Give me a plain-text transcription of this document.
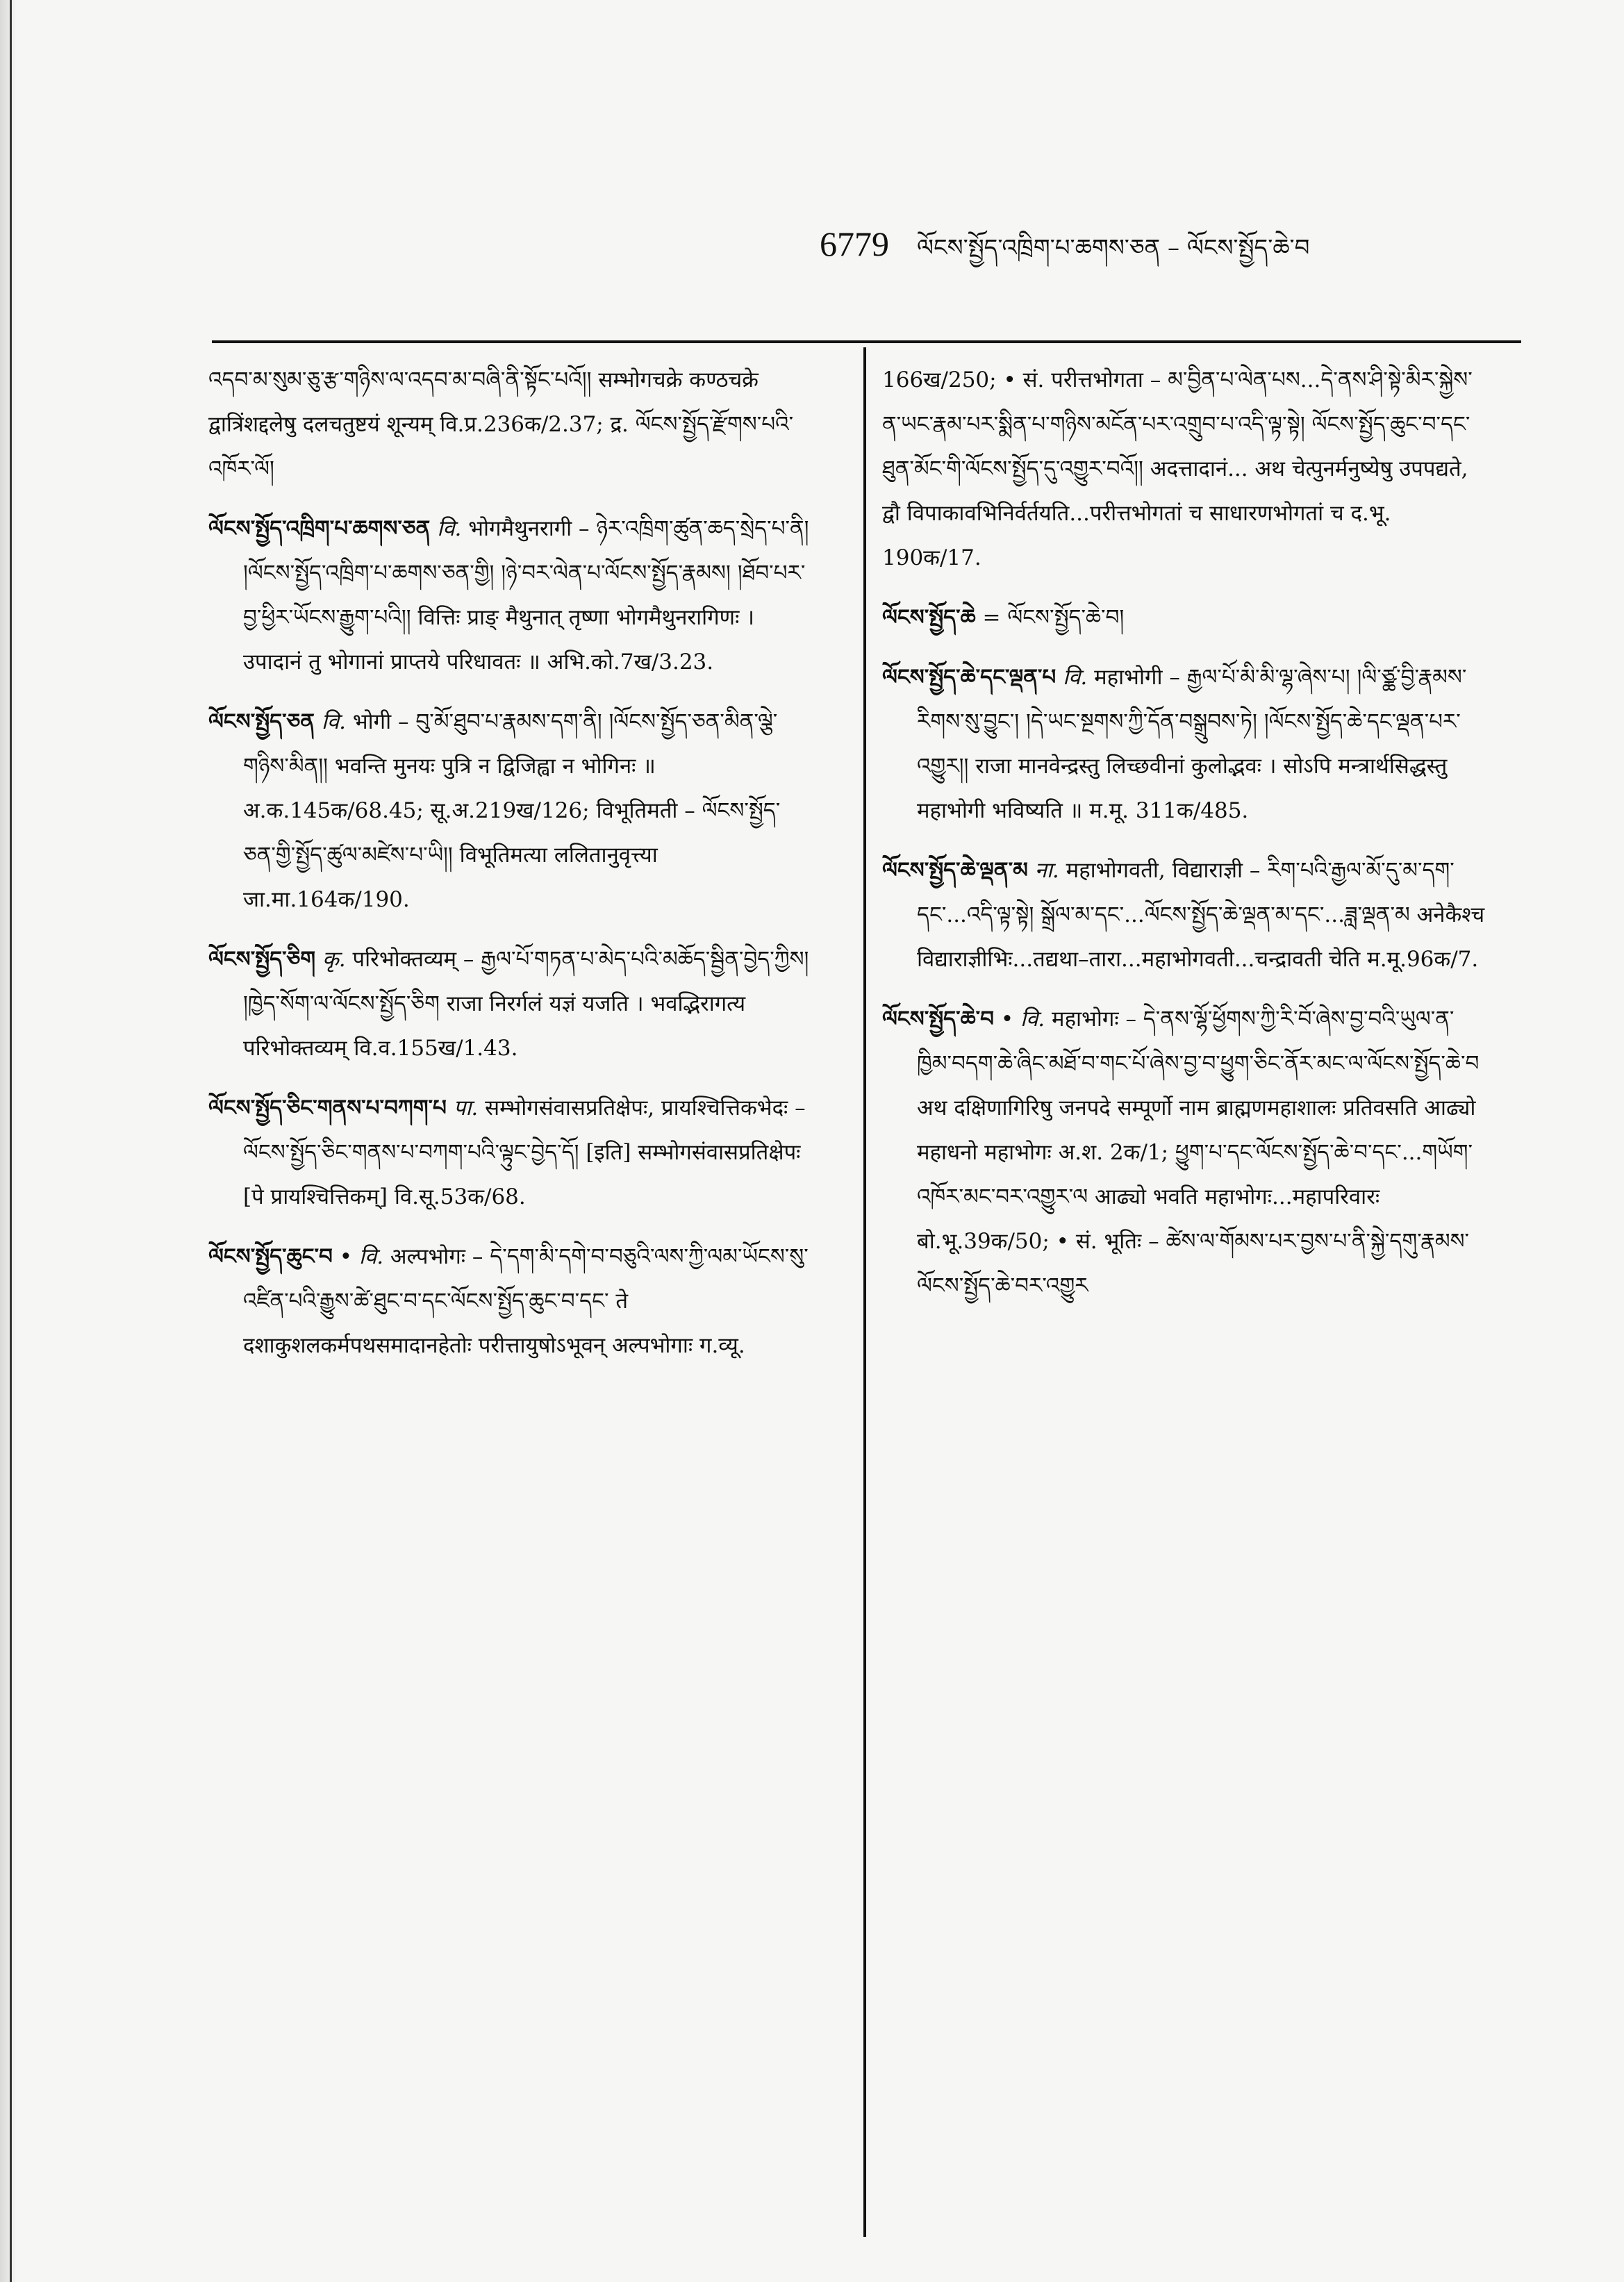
6779 ལོངས་སྤྱོད་འཁྲིག་པ་ཆགས་ཅན – ལོངས་སྤྱོད་ཆེ་བ

འདབ་མ་སུམ་ཅུ་རྩ་གཉིས་ལ་འདབ་མ་བཞི་ནི་སྟོང་པའོ།། सम्भोगचक्रे कण्ठचक्रे द्वात्रिंशद्दलेषु दलचतुष्टयं शून्यम् वि.प्र.236क/2.37; द्र. ལོངས་སྤྱོད་རྫོགས་པའི་འཁོར་ལོ།

ལོངས་སྤྱོད་འཁྲིག་པ་ཆགས་ཅན वि. भोगमैथुनरागी – ཉེར་འཁྲིག་ཚུན་ཆད་སྲེད་པ་ནི། །ལོངས་སྤྱོད་འཁྲིག་པ་ཆགས་ཅན་གྱི། །ཉེ་བར་ལེན་པ་ལོངས་སྤྱོད་རྣམས། །ཐོབ་པར་བྱ་ཕྱིར་ཡོངས་རྒྱུག་པའི།། वित्तिः प्राङ् मैथुनात् तृष्णा भोगमैथुनरागिणः । उपादानं तु भोगानां प्राप्तये परिधावतः ॥ अभि.को.7ख/3.23.

ལོངས་སྤྱོད་ཅན वि. भोगी – བུ་མོ་ཐུབ་པ་རྣམས་དག་ནི། །ལོངས་སྤྱོད་ཅན་མིན་ལྕེ་གཉིས་མིན།། भवन्ति मुनयः पुत्रि न द्विजिह्वा न भोगिनः ॥ अ.क.145क/68.45; सू.अ.219ख/126; विभूतिमती – ལོངས་སྤྱོད་ཅན་གྱི་སྤྱོད་ཚུལ་མཛེས་པ་ཡི།། विभूतिमत्या ललितानुवृत्त्या जा.मा.164क/190.

ལོངས་སྤྱོད་ཅིག कृ. परिभोक्तव्यम् – རྒྱལ་པོ་གཏན་པ་མེད་པའི་མཆོད་སྦྱིན་བྱེད་ཀྱིས། །ཁྱེད་སོག་ལ་ལོངས་སྤྱོད་ཅིག राजा निरर्गलं यज्ञं यजति । भवद्भिरागत्य परिभोक्तव्यम् वि.व.155ख/1.43.

ལོངས་སྤྱོད་ཅིང་གནས་པ་བཀག་པ पा. सम्भोगसंवासप्रतिक्षेपः, प्रायश्चित्तिकभेदः – ལོངས་སྤྱོད་ཅིང་གནས་པ་བཀག་པའི་ལྟུང་བྱེད་དོ། [इति] सम्भोगसंवासप्रतिक्षेपः [पे प्रायश्चित्तिकम्] वि.सू.53क/68.

ལོངས་སྤྱོད་ཆུང་བ • वि. अल्पभोगः – དེ་དག་མི་དགེ་བ་བཅུའི་ལས་ཀྱི་ལམ་ཡོངས་སུ་འཛིན་པའི་རྒྱུས་ཚེ་ཐུང་བ་དང་ལོངས་སྤྱོད་ཆུང་བ་དང་ ते दशाकुशलकर्मपथसमादानहेतोः परीत्तायुषोऽभूवन् अल्पभोगाः ग.व्यू.

166ख/250; • सं. परीत्तभोगता – མ་བྱིན་པ་ལེན་པས...དེ་ནས་ཤི་སྟེ་མིར་སྐྱེས་ན་ཡང་རྣམ་པར་སྨིན་པ་གཉིས་མངོན་པར་འགྲུབ་པ་འདི་ལྟ་སྟེ། ལོངས་སྤྱོད་ཆུང་བ་དང་ཐུན་མོང་གི་ལོངས་སྤྱོད་དུ་འགྱུར་བའོ།། अदत्तादानं... अथ चेत्पुनर्मनुष्येषु उपपद्यते, द्वौ विपाकावभिनिर्वर्तयति...परीत्तभोगतां च साधारणभोगतां च द.भू. 190क/17.

ལོངས་སྤྱོད་ཆེ = ལོངས་སྤྱོད་ཆེ་བ།

ལོངས་སྤྱོད་ཆེ་དང་ལྡན་པ वि. महाभोगी – རྒྱལ་པོ་མི་མི་ལྷ་ཞེས་པ། །ལི་ཙྪ་བྱི་རྣམས་རིགས་སུ་བྱུང་། །དེ་ཡང་སྔགས་ཀྱི་དོན་བསྒྲུབས་ཏེ། །ལོངས་སྤྱོད་ཆེ་དང་ལྡན་པར་འགྱུར།། राजा मानवेन्द्रस्तु लिच्छवीनां कुलोद्भवः । सोऽपि मन्त्रार्थसिद्धस्तु महाभोगी भविष्यति ॥ म.मू. 311क/485.

ལོངས་སྤྱོད་ཆེ་ལྡན་མ ना. महाभोगवती, विद्याराज्ञी – རིག་པའི་རྒྱལ་མོ་དུ་མ་དག་དང་...འདི་ལྟ་སྟེ། སྒྲོལ་མ་དང་...ལོངས་སྤྱོད་ཆེ་ལྡན་མ་དང་...ཟླ་ལྡན་མ अनेकैश्च विद्याराज्ञीभिः...तद्यथा–तारा...महाभोगवती...चन्द्रावती चेति म.मू.96क/7.

ལོངས་སྤྱོད་ཆེ་བ • वि. महाभोगः – དེ་ནས་ལྷོ་ཕྱོགས་ཀྱི་རི་བོ་ཞེས་བྱ་བའི་ཡུལ་ན་ཁྱིམ་བདག་ཆེ་ཞིང་མཐོ་བ་གང་པོ་ཞེས་བྱ་བ་ཕྱུག་ཅིང་ནོར་མང་ལ་ལོངས་སྤྱོད་ཆེ་བ अथ दक्षिणागिरिषु जनपदे सम्पूर्णो नाम ब्राह्मणमहाशालः प्रतिवसति आढ्यो महाधनो महाभोगः अ.श. 2क/1; ཕྱུག་པ་དང་ལོངས་སྤྱོད་ཆེ་བ་དང་...གཡོག་འཁོར་མང་བར་འགྱུར་ལ आढ्यो भवति महाभोगः...महापरिवारः बो.भू.39क/50; • सं. भूतिः – ཚེས་ལ་གོམས་པར་བྱས་པ་ནི་སྐྱེ་དགུ་རྣམས་ལོངས་སྤྱོད་ཆེ་བར་འགྱུར
